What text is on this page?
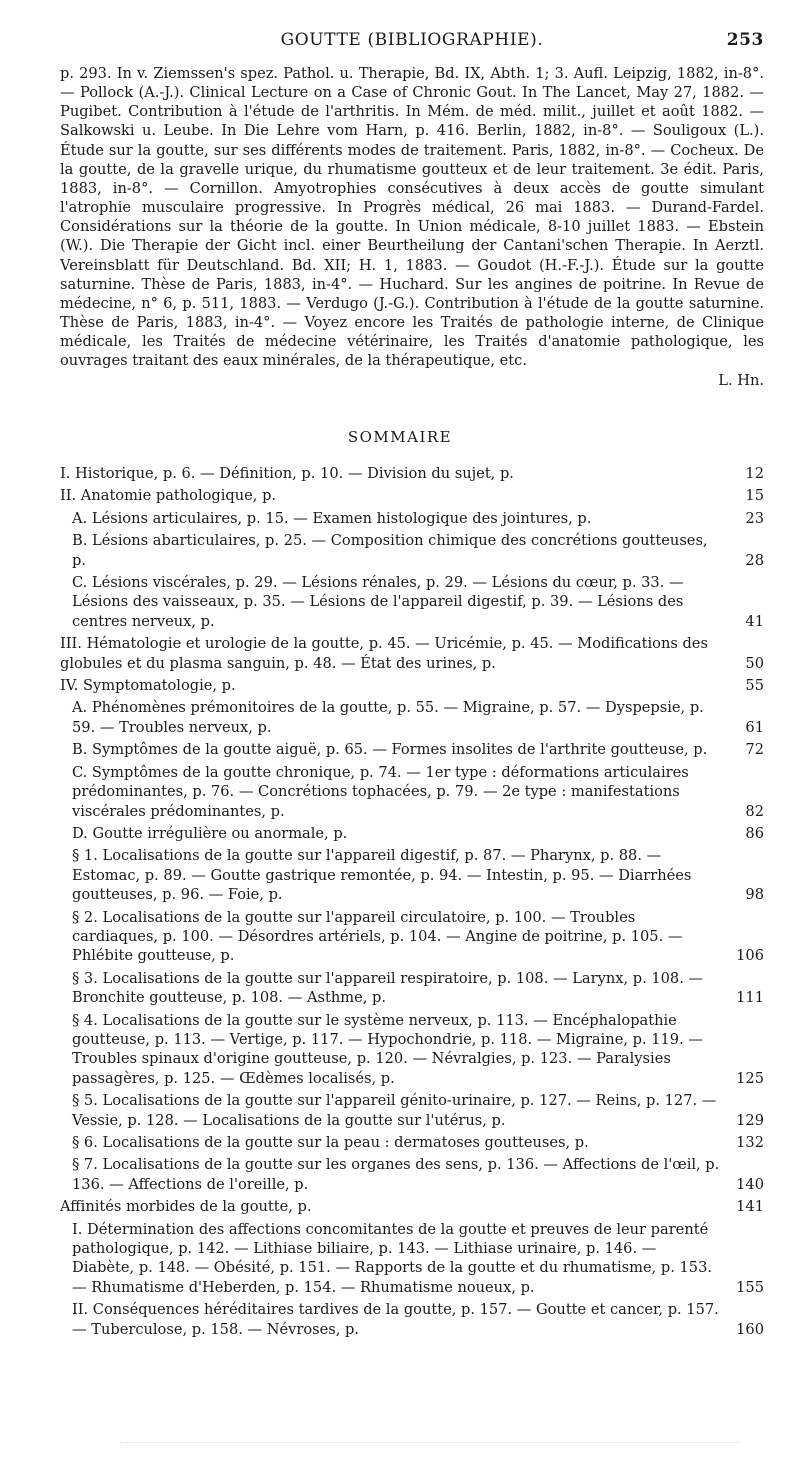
GOUTTE (BIBLIOGRAPHIE).	253

p. 293. In v. Ziemssen's spez. Pathol. u. Therapie, Bd. IX, Abth. 1; 3. Aufl. Leipzig, 1882, in-8°. — Pollock (A.-J.). Clinical Lecture on a Case of Chronic Gout. In The Lancet, May 27, 1882. — Pugibet. Contribution à l'étude de l'arthritis. In Mém. de méd. milit., juillet et août 1882. — Salkowski u. Leube. In Die Lehre vom Harn, p. 416. Berlin, 1882, in-8°. — Souligoux (L.). Étude sur la goutte, sur ses différents modes de traitement. Paris, 1882, in-8°. — Cocheux. De la goutte, de la gravelle urique, du rhumatisme goutteux et de leur traitement. 3e édit. Paris, 1883, in-8°. — Cornillon. Amyotrophies consécutives à deux accès de goutte simulant l'atrophie musculaire progressive. In Progrès médical, 26 mai 1883. — Durand-Fardel. Considérations sur la théorie de la goutte. In Union médicale, 8-10 juillet 1883. — Ebstein (W.). Die Therapie der Gicht incl. einer Beurtheilung der Cantani'schen Therapie. In Aerztl. Vereinsblatt für Deutschland. Bd. XII; H. 1, 1883. — Goudot (H.-F.-J.). Étude sur la goutte saturnine. Thèse de Paris, 1883, in-4°. — Huchard. Sur les angines de poitrine. In Revue de médecine, n° 6, p. 511, 1883. — Verdugo (J.-G.). Contribution à l'étude de la goutte saturnine. Thèse de Paris, 1883, in-4°. — Voyez encore les Traités de pathologie interne, de Clinique médicale, les Traités de médecine vétérinaire, les Traités d'anatomie pathologique, les ouvrages traitant des eaux minérales, de la thérapeutique, etc.

L. Hn.
SOMMAIRE
I. Historique, p. 6. — Définition, p. 10. — Division du sujet, p.	12
II. Anatomie pathologique, p.	15
A. Lésions articulaires, p. 15. — Examen histologique des jointures, p.	23
B. Lésions abarticulaires, p. 25. — Composition chimique des concrétions goutteuses, p.	28
C. Lésions viscérales, p. 29. — Lésions rénales, p. 29. — Lésions du cœur, p. 33. — Lésions des vaisseaux, p. 35. — Lésions de l'appareil digestif, p. 39. — Lésions des centres nerveux, p.	41
III. Hématologie et urologie de la goutte, p. 45. — Uricémie, p. 45. — Modifications des globules et du plasma sanguin, p. 48. — État des urines, p.	50
IV. Symptomatologie, p.	55
A. Phénomènes prémonitoires de la goutte, p. 55. — Migraine, p. 57. — Dyspepsie, p. 59. — Troubles nerveux, p.	61
B. Symptômes de la goutte aiguë, p. 65. — Formes insolites de l'arthrite goutteuse, p.	72
C. Symptômes de la goutte chronique, p. 74. — 1er type : déformations articulaires prédominantes, p. 76. — Concrétions tophacées, p. 79. — 2e type : manifestations viscérales prédominantes, p.	82
D. Goutte irrégulière ou anormale, p.	86
§ 1. Localisations de la goutte sur l'appareil digestif, p. 87. — Pharynx, p. 88. — Estomac, p. 89. — Goutte gastrique remontée, p. 94. — Intestin, p. 95. — Diarrhées goutteuses, p. 96. — Foie, p.	98
§ 2. Localisations de la goutte sur l'appareil circulatoire, p. 100. — Troubles cardiaques, p. 100. — Désordres artériels, p. 104. — Angine de poitrine, p. 105. — Phlébite goutteuse, p.	106
§ 3. Localisations de la goutte sur l'appareil respiratoire, p. 108. — Larynx, p. 108. — Bronchite goutteuse, p. 108. — Asthme, p.	111
§ 4. Localisations de la goutte sur le système nerveux, p. 113. — Encéphalopathie goutteuse, p. 113. — Vertige, p. 117. — Hypochondrie, p. 118. — Migraine, p. 119. — Troubles spinaux d'origine goutteuse, p. 120. — Névralgies, p. 123. — Paralysies passagères, p. 125. — Œdèmes localisés, p.	125
§ 5. Localisations de la goutte sur l'appareil génito-urinaire, p. 127. — Reins, p. 127. — Vessie, p. 128. — Localisations de la goutte sur l'utérus, p.	129
§ 6. Localisations de la goutte sur la peau : dermatoses goutteuses, p.	132
§ 7. Localisations de la goutte sur les organes des sens, p. 136. — Affections de l'œil, p. 136. — Affections de l'oreille, p.	140
Affinités morbides de la goutte, p.	141
I. Détermination des affections concomitantes de la goutte et preuves de leur parenté pathologique, p. 142. — Lithiase biliaire, p. 143. — Lithiase urinaire, p. 146. — Diabète, p. 148. — Obésité, p. 151. — Rapports de la goutte et du rhumatisme, p. 153. — Rhumatisme d'Heberden, p. 154. — Rhumatisme noueux, p.	155
II. Conséquences héréditaires tardives de la goutte, p. 157. — Goutte et cancer, p. 157. — Tuberculose, p. 158. — Névroses, p.	160
